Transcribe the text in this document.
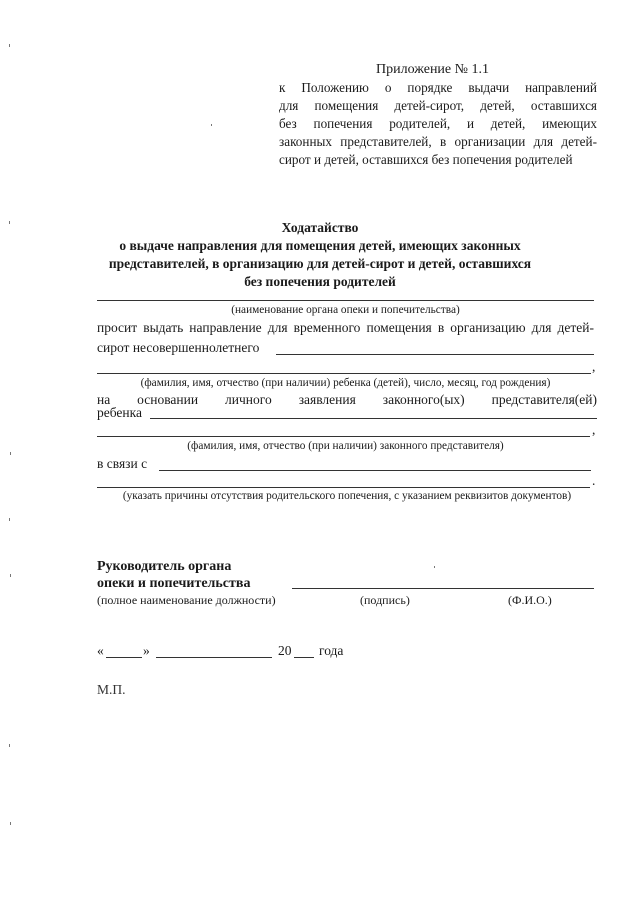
Приложение № 1.1
к Положению о порядке выдачи направлений
для помещения детей-сирот, детей, оставшихся
без попечения родителей, и детей, имеющих
законных представителей, в организации для детей-
сирот и детей, оставшихся без попечения родителей
Ходатайство
о выдаче направления для помещения детей, имеющих законных
представителей, в организацию для детей-сирот и детей, оставшихся
без попечения родителей
(наименование органа опеки и попечительства)
просит выдать направление для временного помещения в организацию для детей-
сирот несовершеннолетнего
,
(фамилия, имя, отчество (при наличии) ребенка (детей), число, месяц, год рождения)
на основании личного заявления законного(ых) представителя(ей)
ребенка
,
(фамилия, имя, отчество (при наличии) законного представителя)
в связи с
.
(указать причины отсутствия родительского попечения, с указанием реквизитов документов)
Руководитель органа
опеки и попечительства
(полное наименование должности)	(подпись)	(Ф.И.О.)
«	»	20 года
М.П.
